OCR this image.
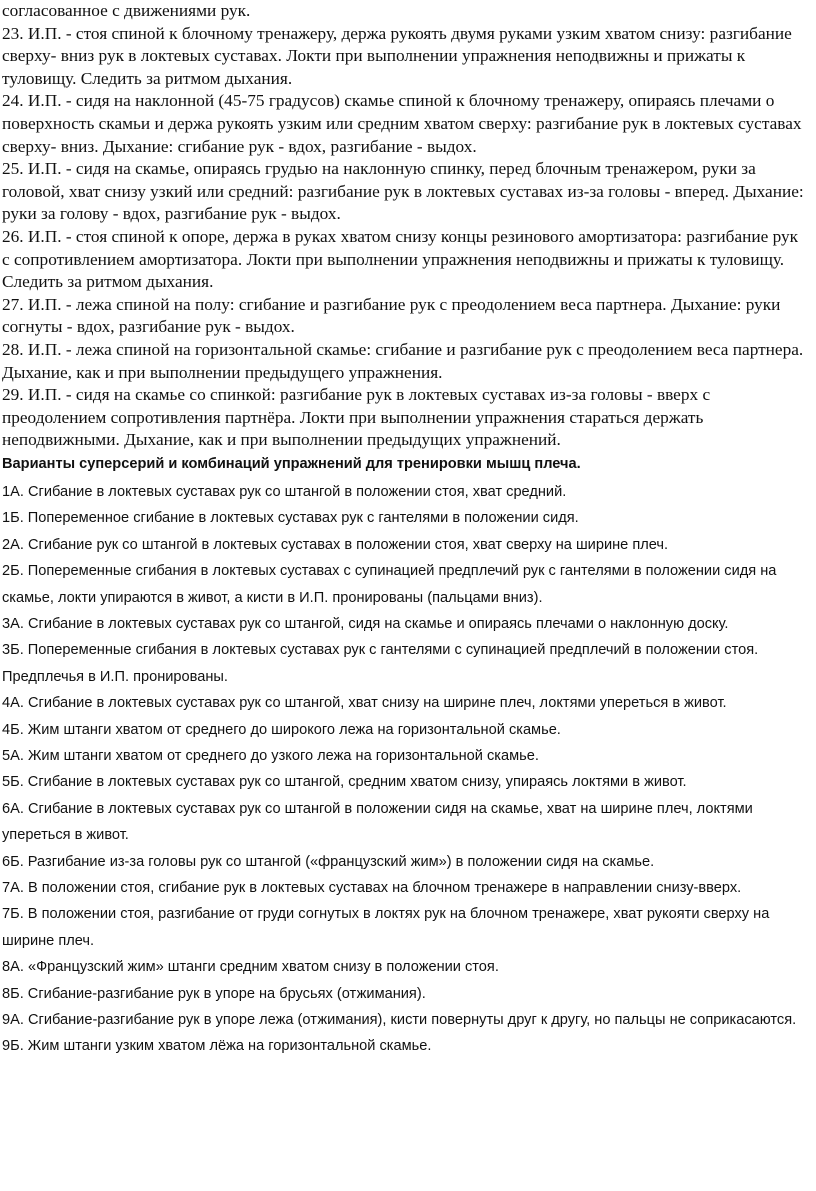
согласованное с движениями рук.

23. И.П. - стоя спиной к блочному тренажеру, держа рукоять двумя руками узким хватом снизу: разгибание сверху- вниз рук в локтевых суставах. Локти при выполнении упражнения неподвижны и прижаты к туловищу. Следить за ритмом дыхания.

24. И.П. - сидя на наклонной (45-75 градусов) скамье спиной к блочному тренажеру, опираясь плечами о поверхность скамьи и держа рукоять узким или средним хватом сверху: разгибание рук в локтевых суставах сверху- вниз. Дыхание: сгибание рук - вдох, разгибание - выдох.

25. И.П. - сидя на скамье, опираясь грудью на наклонную спинку, перед блочным тренажером, руки за головой, хват снизу узкий или средний: разгибание рук в локтевых суставах из-за головы - вперед. Дыхание: руки за голову - вдох, разгибание рук - выдох.

26. И.П. - стоя спиной к опоре, держа в руках хватом снизу концы резинового амортизатора: разгибание рук с сопротивлением амортизатора. Локти при выполнении упражнения неподвижны и прижаты к туловищу. Следить за ритмом дыхания.

27. И.П. - лежа спиной на полу: сгибание и разгибание рук с преодолением веса партнера. Дыхание: руки согнуты - вдох, разгибание рук - выдох.

28. И.П. - лежа спиной на горизонтальной скамье: сгибание и разгибание рук с преодолением веса партнера. Дыхание, как и при выполнении предыдущего упражнения.

29. И.П. - сидя на скамье со спинкой: разгибание рук в локтевых суставах из-за головы - вверх с преодолением сопротивления партнёра. Локти при выполнении упражнения стараться держать неподвижными. Дыхание, как и при выполнении предыдущих упражнений.

Варианты суперсерий и комбинаций упражнений для тренировки мышц плеча.

1А. Сгибание в локтевых суставах рук со штангой в положении стоя, хват средний.

1Б. Попеременное сгибание в локтевых суставах рук с гантелями в положении сидя.

2А. Сгибание рук со штангой в локтевых суставах в положении стоя, хват сверху на ширине плеч.

2Б. Попеременные сгибания в локтевых суставах с супинацией предплечий рук с гантелями в положении сидя на скамье, локти упираются в живот, а кисти в И.П. пронированы (пальцами вниз).

3А. Сгибание в локтевых суставах рук со штангой, сидя на скамье и опираясь плечами о наклонную доску.

3Б. Попеременные сгибания в локтевых суставах рук с гантелями с супинацией предплечий в положении стоя. Предплечья в И.П. пронированы.

4А. Сгибание в локтевых суставах рук со штангой, хват снизу на ширине плеч, локтями упереться в живот.

4Б. Жим штанги хватом от среднего до широкого лежа на горизонтальной скамье.

5А. Жим штанги хватом от среднего до узкого лежа на горизонтальной скамье.

5Б. Сгибание в локтевых суставах рук со штангой, средним хватом снизу, упираясь локтями в живот.

6А. Сгибание в локтевых суставах рук со штангой в положении сидя на скамье, хват на ширине плеч, локтями упереться в живот.

6Б. Разгибание из-за головы рук со штангой («французский жим») в положении сидя на скамье.

7А. В положении стоя, сгибание рук в локтевых суставах на блочном тренажере в направлении снизу-вверх.

7Б. В положении стоя, разгибание от груди согнутых в локтях рук на блочном тренажере, хват рукояти сверху на ширине плеч.

8А. «Французский жим» штанги средним хватом снизу в положении стоя.

8Б. Сгибание-разгибание рук в упоре на брусьях (отжимания).

9А. Сгибание-разгибание рук в упоре лежа (отжимания), кисти повернуты друг к другу, но пальцы не соприкасаются.

9Б. Жим штанги узким хватом лёжа на горизонтальной скамье.
